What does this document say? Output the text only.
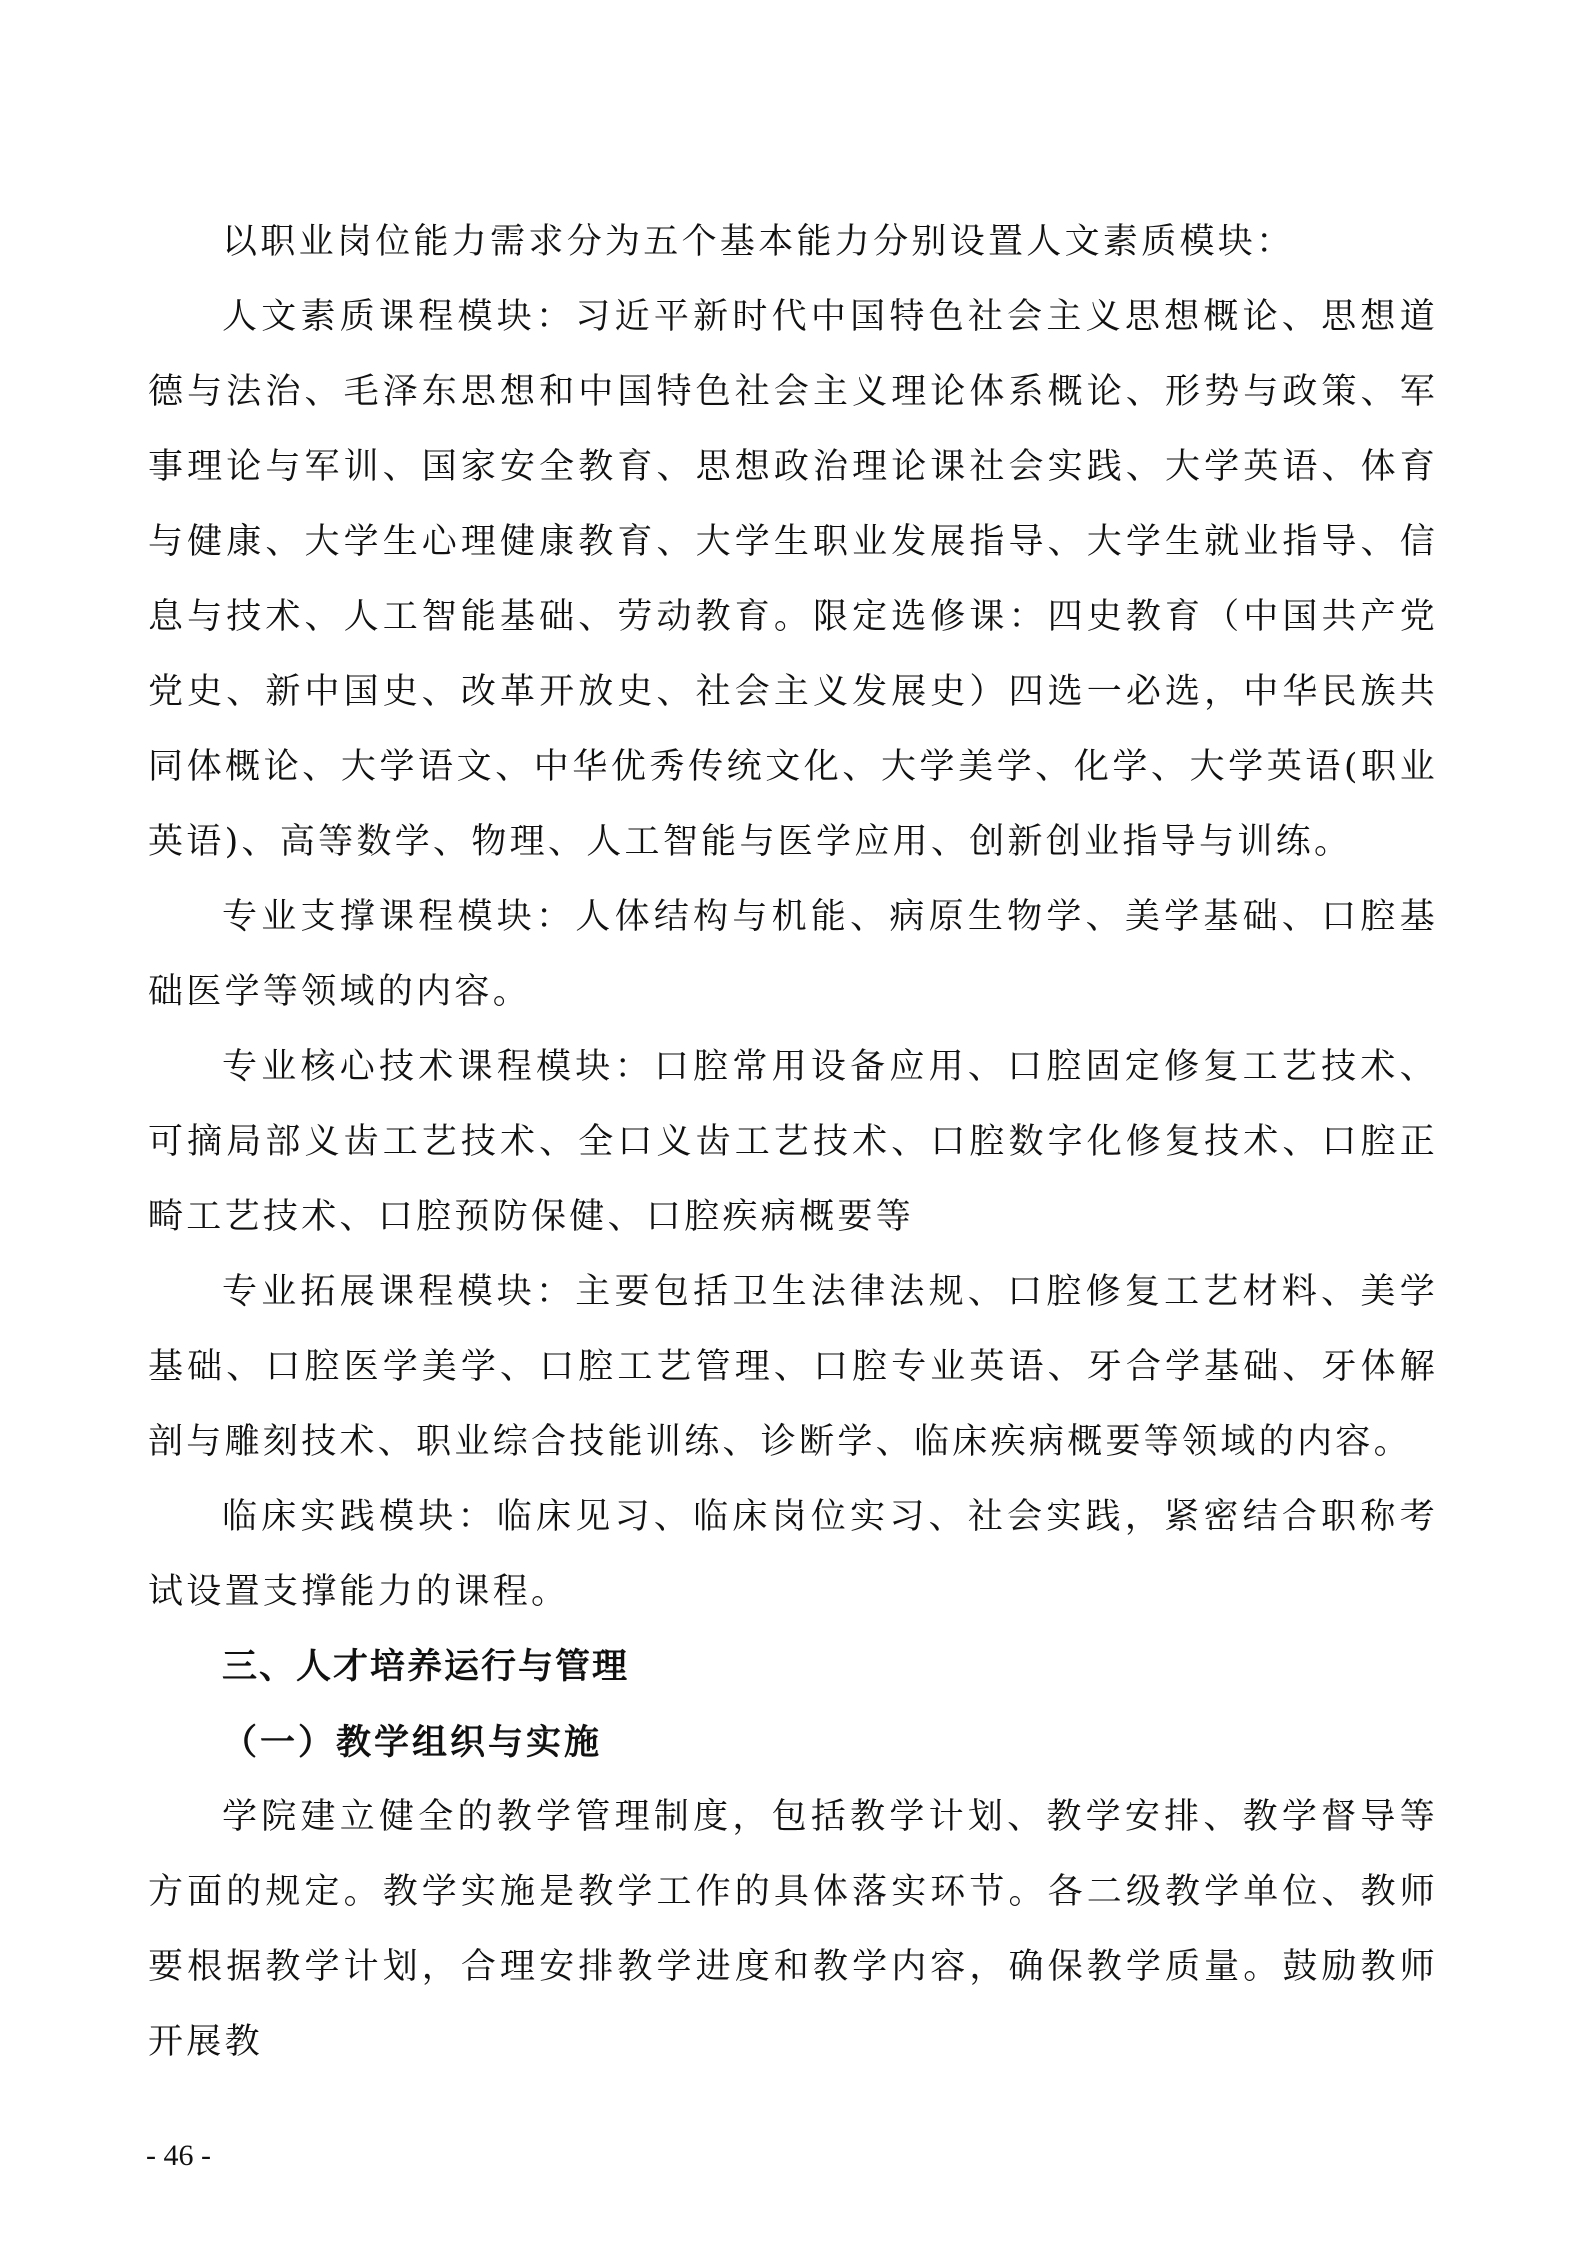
以职业岗位能力需求分为五个基本能力分别设置人文素质模块：

人文素质课程模块：习近平新时代中国特色社会主义思想概论、思想道德与法治、毛泽东思想和中国特色社会主义理论体系概论、形势与政策、军事理论与军训、国家安全教育、思想政治理论课社会实践、大学英语、体育与健康、大学生心理健康教育、大学生职业发展指导、大学生就业指导、信息与技术、人工智能基础、劳动教育。限定选修课：四史教育（中国共产党党史、新中国史、改革开放史、社会主义发展史）四选一必选，中华民族共同体概论、大学语文、中华优秀传统文化、大学美学、化学、大学英语(职业英语)、高等数学、物理、人工智能与医学应用、创新创业指导与训练。

专业支撑课程模块：人体结构与机能、病原生物学、美学基础、口腔基础医学等领域的内容。

专业核心技术课程模块：口腔常用设备应用、口腔固定修复工艺技术、可摘局部义齿工艺技术、全口义齿工艺技术、口腔数字化修复技术、口腔正畸工艺技术、口腔预防保健、口腔疾病概要等

专业拓展课程模块：主要包括卫生法律法规、口腔修复工艺材料、美学基础、口腔医学美学、口腔工艺管理、口腔专业英语、牙合学基础、牙体解剖与雕刻技术、职业综合技能训练、诊断学、临床疾病概要等领域的内容。

临床实践模块：临床见习、临床岗位实习、社会实践，紧密结合职称考试设置支撑能力的课程。

三、人才培养运行与管理
（一）教学组织与实施

学院建立健全的教学管理制度，包括教学计划、教学安排、教学督导等方面的规定。教学实施是教学工作的具体落实环节。各二级教学单位、教师要根据教学计划，合理安排教学进度和教学内容，确保教学质量。鼓励教师开展教

- 46 -
